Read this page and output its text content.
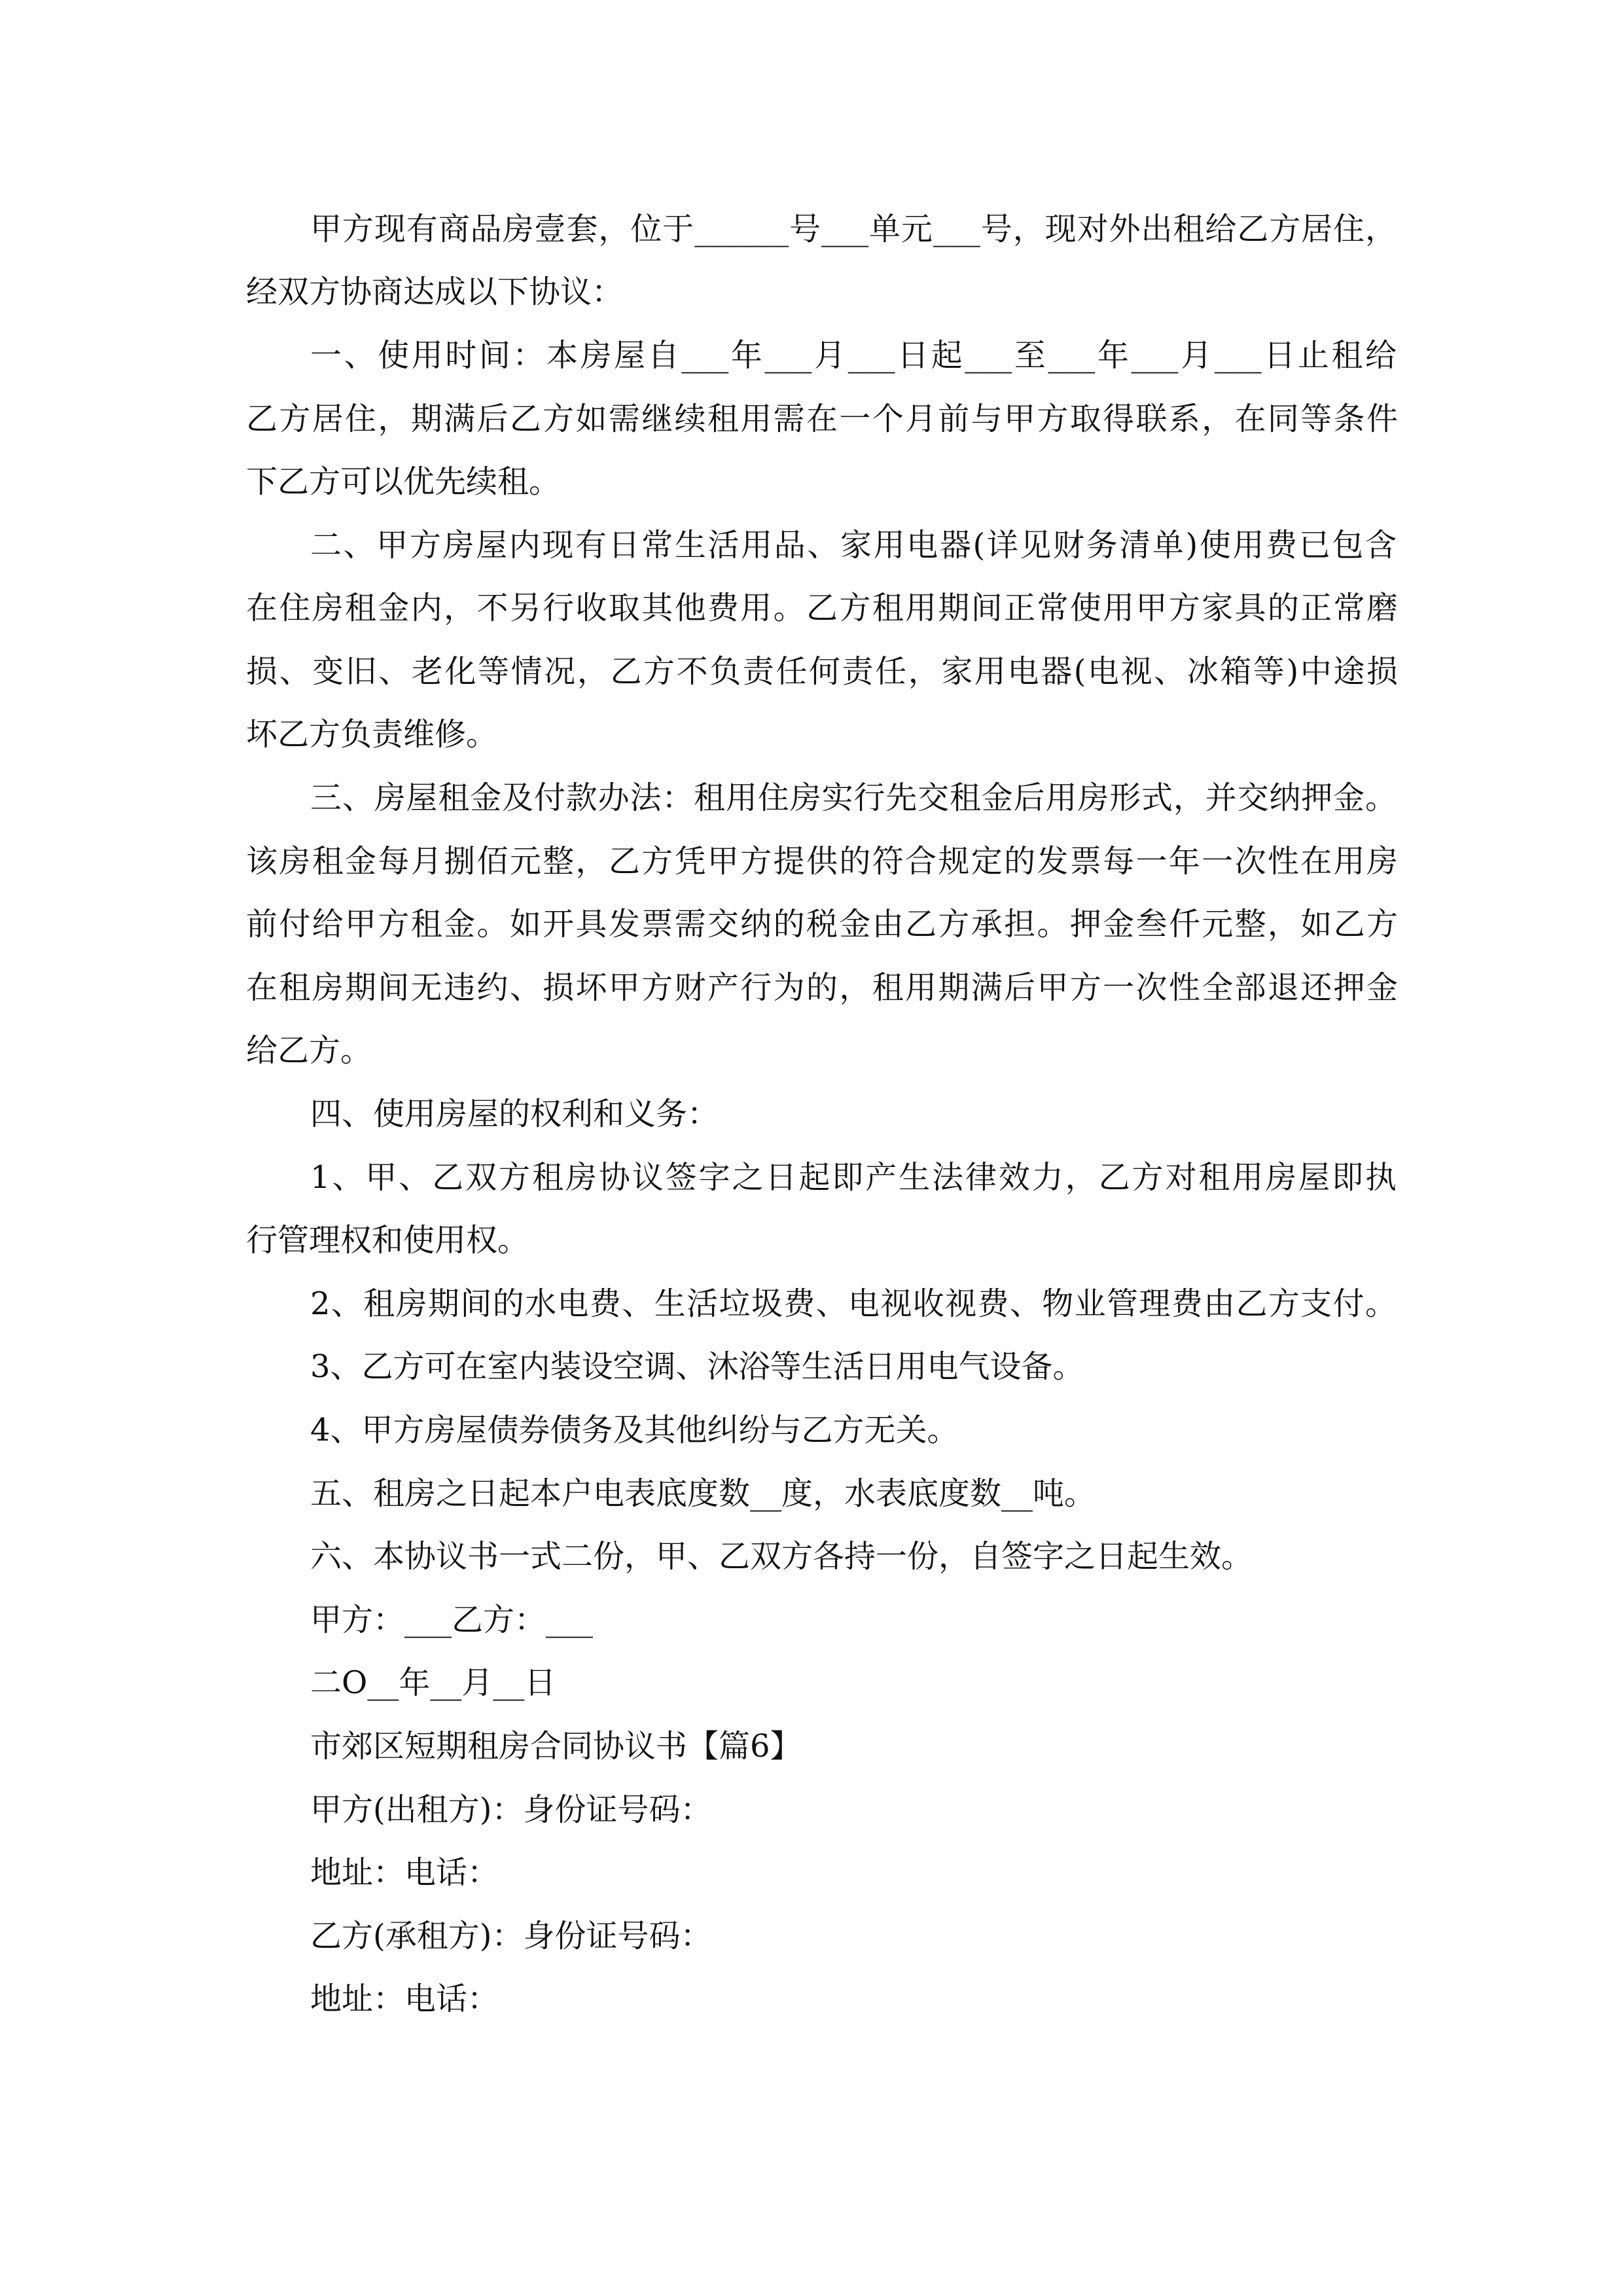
甲方现有商品房壹套，位于______号___单元___号，现对外出租给乙方居住，
经双方协商达成以下协议：
一、使用时间：本房屋自___年___月___日起___至___年___月___日止租给
乙方居住，期满后乙方如需继续租用需在一个月前与甲方取得联系，在同等条件
下乙方可以优先续租。
二、甲方房屋内现有日常生活用品、家用电器(详见财务清单)使用费已包含
在住房租金内，不另行收取其他费用。乙方租用期间正常使用甲方家具的正常磨
损、变旧、老化等情况，乙方不负责任何责任，家用电器(电视、冰箱等)中途损
坏乙方负责维修。
三、房屋租金及付款办法：租用住房实行先交租金后用房形式，并交纳押金。
该房租金每月捌佰元整，乙方凭甲方提供的符合规定的发票每一年一次性在用房
前付给甲方租金。如开具发票需交纳的税金由乙方承担。押金叁仟元整，如乙方
在租房期间无违约、损坏甲方财产行为的，租用期满后甲方一次性全部退还押金
给乙方。
四、使用房屋的权利和义务：
1、甲、乙双方租房协议签字之日起即产生法律效力，乙方对租用房屋即执
行管理权和使用权。
2、租房期间的水电费、生活垃圾费、电视收视费、物业管理费由乙方支付。
3、乙方可在室内装设空调、沐浴等生活日用电气设备。
4、甲方房屋债券债务及其他纠纷与乙方无关。
五、租房之日起本户电表底度数__度，水表底度数__吨。
六、本协议书一式二份，甲、乙双方各持一份，自签字之日起生效。
甲方：___乙方：___
二O__年__月__日
市郊区短期租房合同协议书【篇6】
甲方(出租方)：身份证号码：
地址：电话：
乙方(承租方)：身份证号码：
地址：电话：
